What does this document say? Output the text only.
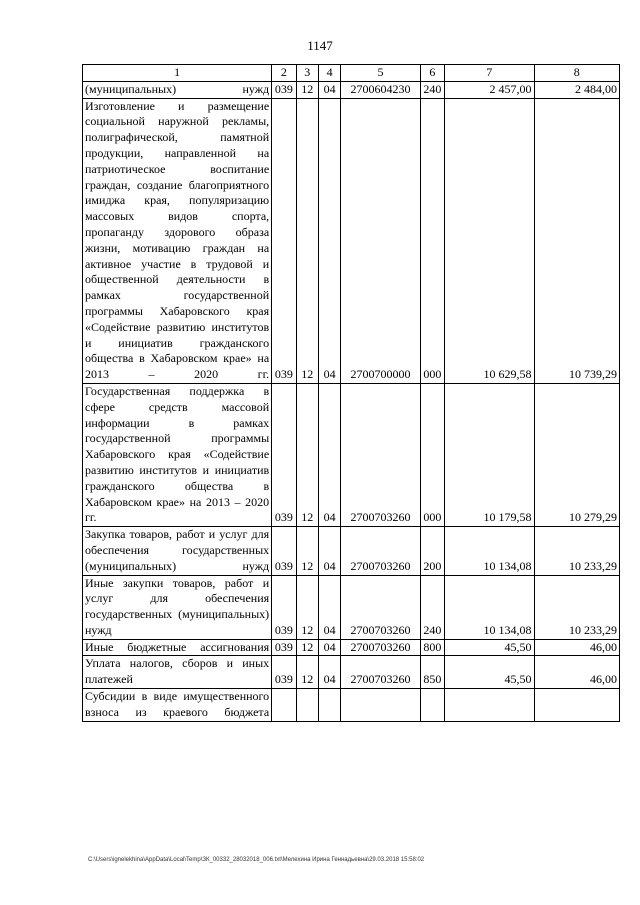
1147
1	2	3	4	5	6	7	8
(муниципальных) нужд	039	12	04	2700604230	240	2 457,00	2 484,00
Изготовление и размещение социальной наружной рекламы, полиграфической, памятной продукции, направленной на патриотическое воспитание граждан, создание благоприятного имиджа края, популяризацию массовых видов спорта, пропаганду здорового образа жизни, мотивацию граждан на активное участие в трудовой и общественной деятельности в рамках государственной программы Хабаровского края «Содействие развитию институтов и инициатив гражданского общества в Хабаровском крае» на 2013 – 2020 гг.	039	12	04	2700700000	000	10 629,58	10 739,29
Государственная поддержка в сфере средств массовой информации в рамках государственной программы Хабаровского края «Содействие развитию институтов и инициатив гражданского общества в Хабаровском крае» на 2013 – 2020 гг.	039	12	04	2700703260	000	10 179,58	10 279,29
Закупка товаров, работ и услуг для обеспечения государственных (муниципальных) нужд	039	12	04	2700703260	200	10 134,08	10 233,29
Иные закупки товаров, работ и услуг для обеспечения государственных (муниципальных) нужд	039	12	04	2700703260	240	10 134,08	10 233,29
Иные бюджетные ассигнования	039	12	04	2700703260	800	45,50	46,00
Уплата налогов, сборов и иных платежей	039	12	04	2700703260	850	45,50	46,00
Субсидии в виде имущественного взноса из краевого бюджета							
C:\Users\ignelekhina\AppData\Local\Temp\ЗК_00332_28032018_006.txt\Мелехина Ирина Геннадьевна\29.03.2018 15:58:02
